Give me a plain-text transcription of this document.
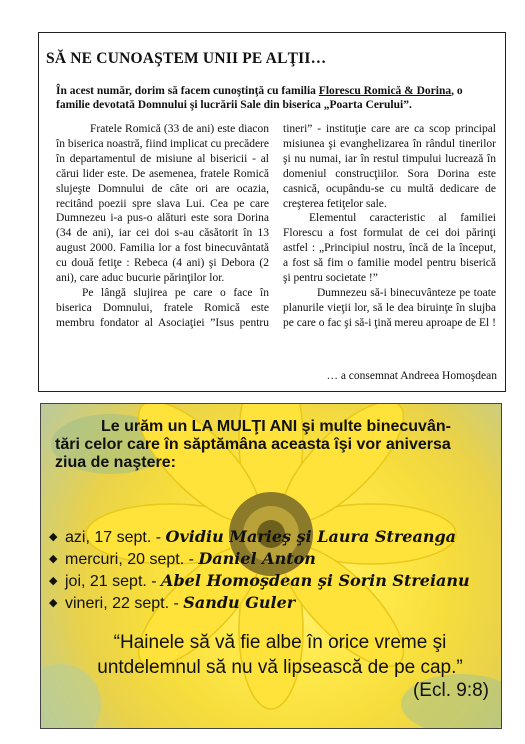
SĂ NE CUNOAŞTEM UNII PE ALŢII…

În acest număr, dorim să facem cunoştinţă cu familia Florescu Romică & Dorina, o familie devotată Domnului şi lucrării Sale din biserica „Poarta Cerului”.

Fratele Romică (33 de ani) este diacon în biserica noastră, fiind implicat cu precădere în departamentul de misiune al bisericii - al cărui lider este. De asemenea, fratele Romică slujeşte Domnului de câte ori are ocazia, recitând poezii spre slava Lui. Cea pe care Dumnezeu i-a pus-o alături este sora Dorina (34 de ani), iar cei doi s-au căsătorit în 13 august 2000. Familia lor a fost binecuvântată cu două fetiţe : Rebeca (4 ani) şi Debora (2 ani), care aduc bucurie părinţilor lor.

Pe lângă slujirea pe care o face în biserica Domnului, fratele Romică este membru fondator al Asociaţiei ”Isus pentru tineri” - instituţie care are ca scop principal misiunea şi evanghelizarea în rândul tinerilor şi nu numai, iar în restul timpului lucrează în domeniul construcţiilor. Sora Dorina este casnică, ocupându-se cu multă dedicare de creşterea fetiţelor sale.

Elementul caracteristic al familiei Florescu a fost formulat de cei doi părinţi astfel : „Principiul nostru, încă de la început, a fost să fim o familie model pentru biserică şi pentru societate !”

Dumnezeu să-i binecuvânteze pe toate planurile vieţii lor, să le dea biruinţe în slujba pe care o fac şi să-i ţină mereu aproape de El !

… a consemnat Andreea Homoşdean

Le urăm un LA MULŢI ANI şi multe binecuvân-
tări celor care în săptămâna aceasta îşi vor aniversa
ziua de naştere:

◆ azi, 17 sept. - Ovidiu Marieş şi Laura Streanga
◆ mercuri, 20 sept. - Daniel Anton
◆ joi, 21 sept. - Abel Homoşdean şi Sorin Streianu
◆ vineri, 22 sept. - Sandu Guler

“Hainele să vă fie albe în orice vreme şi untdelemnul să nu vă lipsească de pe cap.”

(Ecl. 9:8)
